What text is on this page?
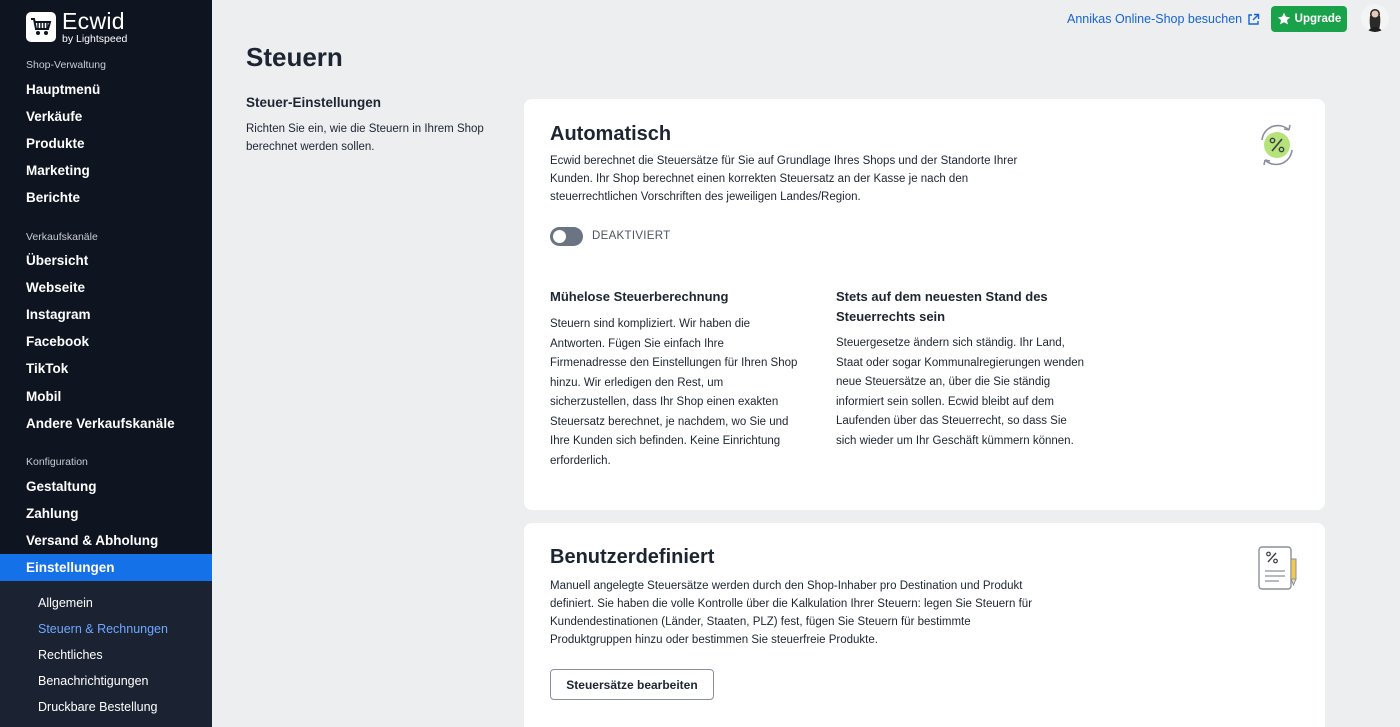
Ecwid
by Lightspeed
Shop-Verwaltung
Hauptmenü
Verkäufe
Produkte
Marketing
Berichte
Verkaufskanäle
Übersicht
Webseite
Instagram
Facebook
TikTok
Mobil
Andere Verkaufskanäle
Konfiguration
Gestaltung
Zahlung
Versand & Abholung
Einstellungen
Allgemein
Steuern & Rechnungen
Rechtliches
Benachrichtigungen
Druckbare Bestellung
Annikas Online-Shop besuchen	Upgrade
Steuern
Steuer-Einstellungen
Richten Sie ein, wie die Steuern in Ihrem Shop berechnet werden sollen.
Automatisch
Ecwid berechnet die Steuersätze für Sie auf Grundlage Ihres Shops und der Standorte Ihrer Kunden. Ihr Shop berechnet einen korrekten Steuersatz an der Kasse je nach den steuerrechtlichen Vorschriften des jeweiligen Landes/Region.
DEAKTIVIERT
Mühelose Steuerberechnung
Steuern sind kompliziert. Wir haben die Antworten. Fügen Sie einfach Ihre Firmenadresse den Einstellungen für Ihren Shop hinzu. Wir erledigen den Rest, um sicherzustellen, dass Ihr Shop einen exakten Steuersatz berechnet, je nachdem, wo Sie und Ihre Kunden sich befinden. Keine Einrichtung erforderlich.
Stets auf dem neuesten Stand des Steuerrechts sein
Steuergesetze ändern sich ständig. Ihr Land, Staat oder sogar Kommunalregierungen wenden neue Steuersätze an, über die Sie ständig informiert sein sollen. Ecwid bleibt auf dem Laufenden über das Steuerrecht, so dass Sie sich wieder um Ihr Geschäft kümmern können.
Benutzerdefiniert
Manuell angelegte Steuersätze werden durch den Shop-Inhaber pro Destination und Produkt definiert. Sie haben die volle Kontrolle über die Kalkulation Ihrer Steuern: legen Sie Steuern für Kundendestinationen (Länder, Staaten, PLZ) fest, fügen Sie Steuern für bestimmte Produktgruppen hinzu oder bestimmen Sie steuerfreie Produkte.
Steuersätze bearbeiten
